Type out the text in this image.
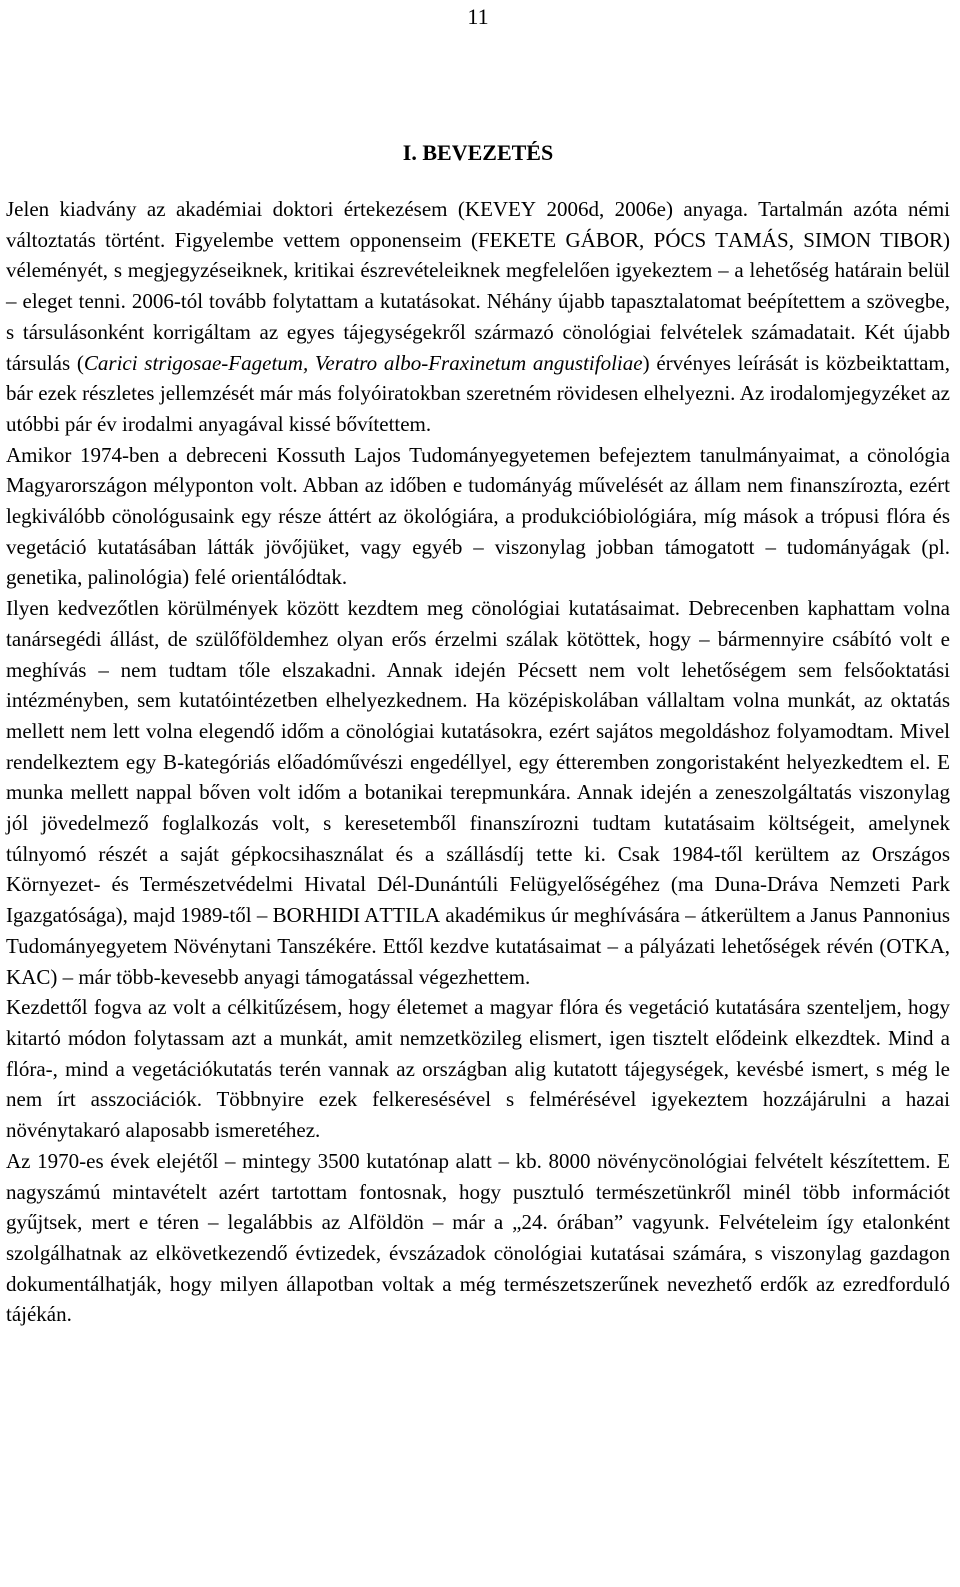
11
I. BEVEZETÉS

Jelen kiadvány az akadémiai doktori értekezésem (KEVEY 2006d, 2006e) anyaga. Tartalmán azóta némi változtatás történt. Figyelembe vettem opponenseim (FEKETE GÁBOR, PÓCS TAMÁS, SIMON TIBOR) véleményét, s megjegyzéseiknek, kritikai észrevételeiknek megfelelően igyekeztem – a lehetőség határain belül – eleget tenni. 2006-tól tovább folytattam a kutatásokat. Néhány újabb tapasztalatomat beépítettem a szövegbe, s társulásonként korrigáltam az egyes tájegységekről származó cönológiai felvételek számadatait. Két újabb társulás (Carici strigosae-Fagetum, Veratro albo-Fraxinetum angustifoliae) érvényes leírását is közbeiktattam, bár ezek részletes jellemzését már más folyóiratokban szeretném rövidesen elhelyezni. Az irodalomjegyzéket az utóbbi pár év irodalmi anyagával kissé bővítettem.

Amikor 1974-ben a debreceni Kossuth Lajos Tudományegyetemen befejeztem tanulmányaimat, a cönológia Magyarországon mélyponton volt. Abban az időben e tudományág művelését az állam nem finanszírozta, ezért legkiválóbb cönológusaink egy része áttért az ökológiára, a produkcióbiológiára, míg mások a trópusi flóra és vegetáció kutatásában látták jövőjüket, vagy egyéb – viszonylag jobban támogatott – tudományágak (pl. genetika, palinológia) felé orientálódtak.

Ilyen kedvezőtlen körülmények között kezdtem meg cönológiai kutatásaimat. Debrecenben kaphattam volna tanársegédi állást, de szülőföldemhez olyan erős érzelmi szálak kötöttek, hogy – bármennyire csábító volt e meghívás – nem tudtam tőle elszakadni. Annak idején Pécsett nem volt lehetőségem sem felsőoktatási intézményben, sem kutatóintézetben elhelyezkednem. Ha középiskolában vállaltam volna munkát, az oktatás mellett nem lett volna elegendő időm a cönológiai kutatásokra, ezért sajátos megoldáshoz folyamodtam. Mivel rendelkeztem egy B-kategóriás előadóművészi engedéllyel, egy étteremben zongoristaként helyezkedtem el. E munka mellett nappal bőven volt időm a botanikai terepmunkára. Annak idején a zeneszolgáltatás viszonylag jól jövedelmező foglalkozás volt, s keresetemből finanszírozni tudtam kutatásaim költségeit, amelynek túlnyomó részét a saját gépkocsihasználat és a szállásdíj tette ki. Csak 1984-től kerültem az Országos Környezet- és Természetvédelmi Hivatal Dél-Dunántúli Felügyelőségéhez (ma Duna-Dráva Nemzeti Park Igazgatósága), majd 1989-től – BORHIDI ATTILA akadémikus úr meghívására – átkerültem a Janus Pannonius Tudományegyetem Növénytani Tanszékére. Ettől kezdve kutatásaimat – a pályázati lehetőségek révén (OTKA, KAC) – már több-kevesebb anyagi támogatással végezhettem.

Kezdettől fogva az volt a célkitűzésem, hogy életemet a magyar flóra és vegetáció kutatására szenteljem, hogy kitartó módon folytassam azt a munkát, amit nemzetközileg elismert, igen tisztelt elődeink elkezdtek. Mind a flóra-, mind a vegetációkutatás terén vannak az országban alig kutatott tájegységek, kevésbé ismert, s még le nem írt asszociációk. Többnyire ezek felkeresésével s felmérésével igyekeztem hozzájárulni a hazai növénytakaró alaposabb ismeretéhez.

Az 1970-es évek elejétől – mintegy 3500 kutatónap alatt – kb. 8000 növénycönológiai felvételt készítettem. E nagyszámú mintavételt azért tartottam fontosnak, hogy pusztuló természetünkről minél több információt gyűjtsek, mert e téren – legalábbis az Alföldön – már a „24. órában” vagyunk. Felvételeim így etalonként szolgálhatnak az elkövetkezendő évtizedek, évszázadok cönológiai kutatásai számára, s viszonylag gazdagon dokumentálhatják, hogy milyen állapotban voltak a még természetszerűnek nevezhető erdők az ezredforduló tájékán.
